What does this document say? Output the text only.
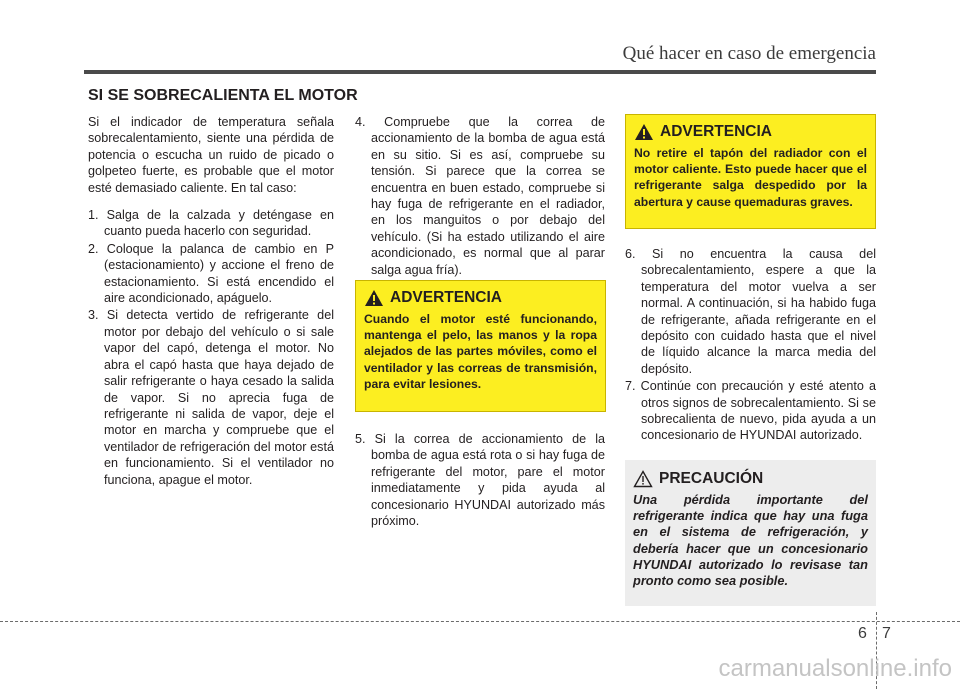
Qué hacer en caso de emergencia
SI SE SOBRECALIENTA EL MOTOR

Si el indicador de temperatura señala sobrecalentamiento, siente una pérdida de potencia o escucha un ruido de picado o golpeteo fuerte, es probable que el motor esté demasiado caliente. En tal caso:

1. Salga de la calzada y deténgase en cuanto pueda hacerlo con seguridad.
2. Coloque la palanca de cambio en P (estacionamiento) y accione el freno de estacionamiento. Si está encendido el aire acondicionado, apáguelo.
3. Si detecta vertido de refrigerante del motor por debajo del vehículo o si sale vapor del capó, detenga el motor. No abra el capó hasta que haya dejado de salir refrigerante o haya cesado la salida de vapor. Si no aprecia fuga de refrigerante ni salida de vapor, deje el motor en marcha y compruebe que el ventilador de refrigeración del motor está en funcionamiento. Si el ventilador no funciona, apague el motor.
4. Compruebe que la correa de accionamiento de la bomba de agua está en su sitio. Si es así, compruebe su tensión. Si parece que la correa se encuentra en buen estado, compruebe si hay fuga de refrigerante en el radiador, en los manguitos o por debajo del vehículo. (Si ha estado utilizando el aire acondicionado, es normal que al parar salga agua fría).
ADVERTENCIA
Cuando el motor esté funcionando, mantenga el pelo, las manos y la ropa alejados de las partes móviles, como el ventilador y las correas de transmisión, para evitar lesiones.
5. Si la correa de accionamiento de la bomba de agua está rota o si hay fuga de refrigerante del motor, pare el motor inmediatamente y pida ayuda al concesionario HYUNDAI autorizado más próximo.
ADVERTENCIA
No retire el tapón del radiador con el motor caliente. Esto puede hacer que el refrigerante salga despedido por la abertura y cause quemaduras graves.
6. Si no encuentra la causa del sobrecalentamiento, espere a que la temperatura del motor vuelva a ser normal. A continuación, si ha habido fuga de refrigerante, añada refrigerante en el depósito con cuidado hasta que el nivel de líquido alcance la marca media del depósito.
7. Continúe con precaución y esté atento a otros signos de sobrecalentamiento. Si se sobrecalienta de nuevo, pida ayuda a un concesionario de HYUNDAI autorizado.
PRECAUCIÓN
Una pérdida importante del refrigerante indica que hay una fuga en el sistema de refrigeración, y debería hacer que un concesionario HYUNDAI autorizado lo revisase tan pronto como sea posible.
6 7
carmanualsonline.info
